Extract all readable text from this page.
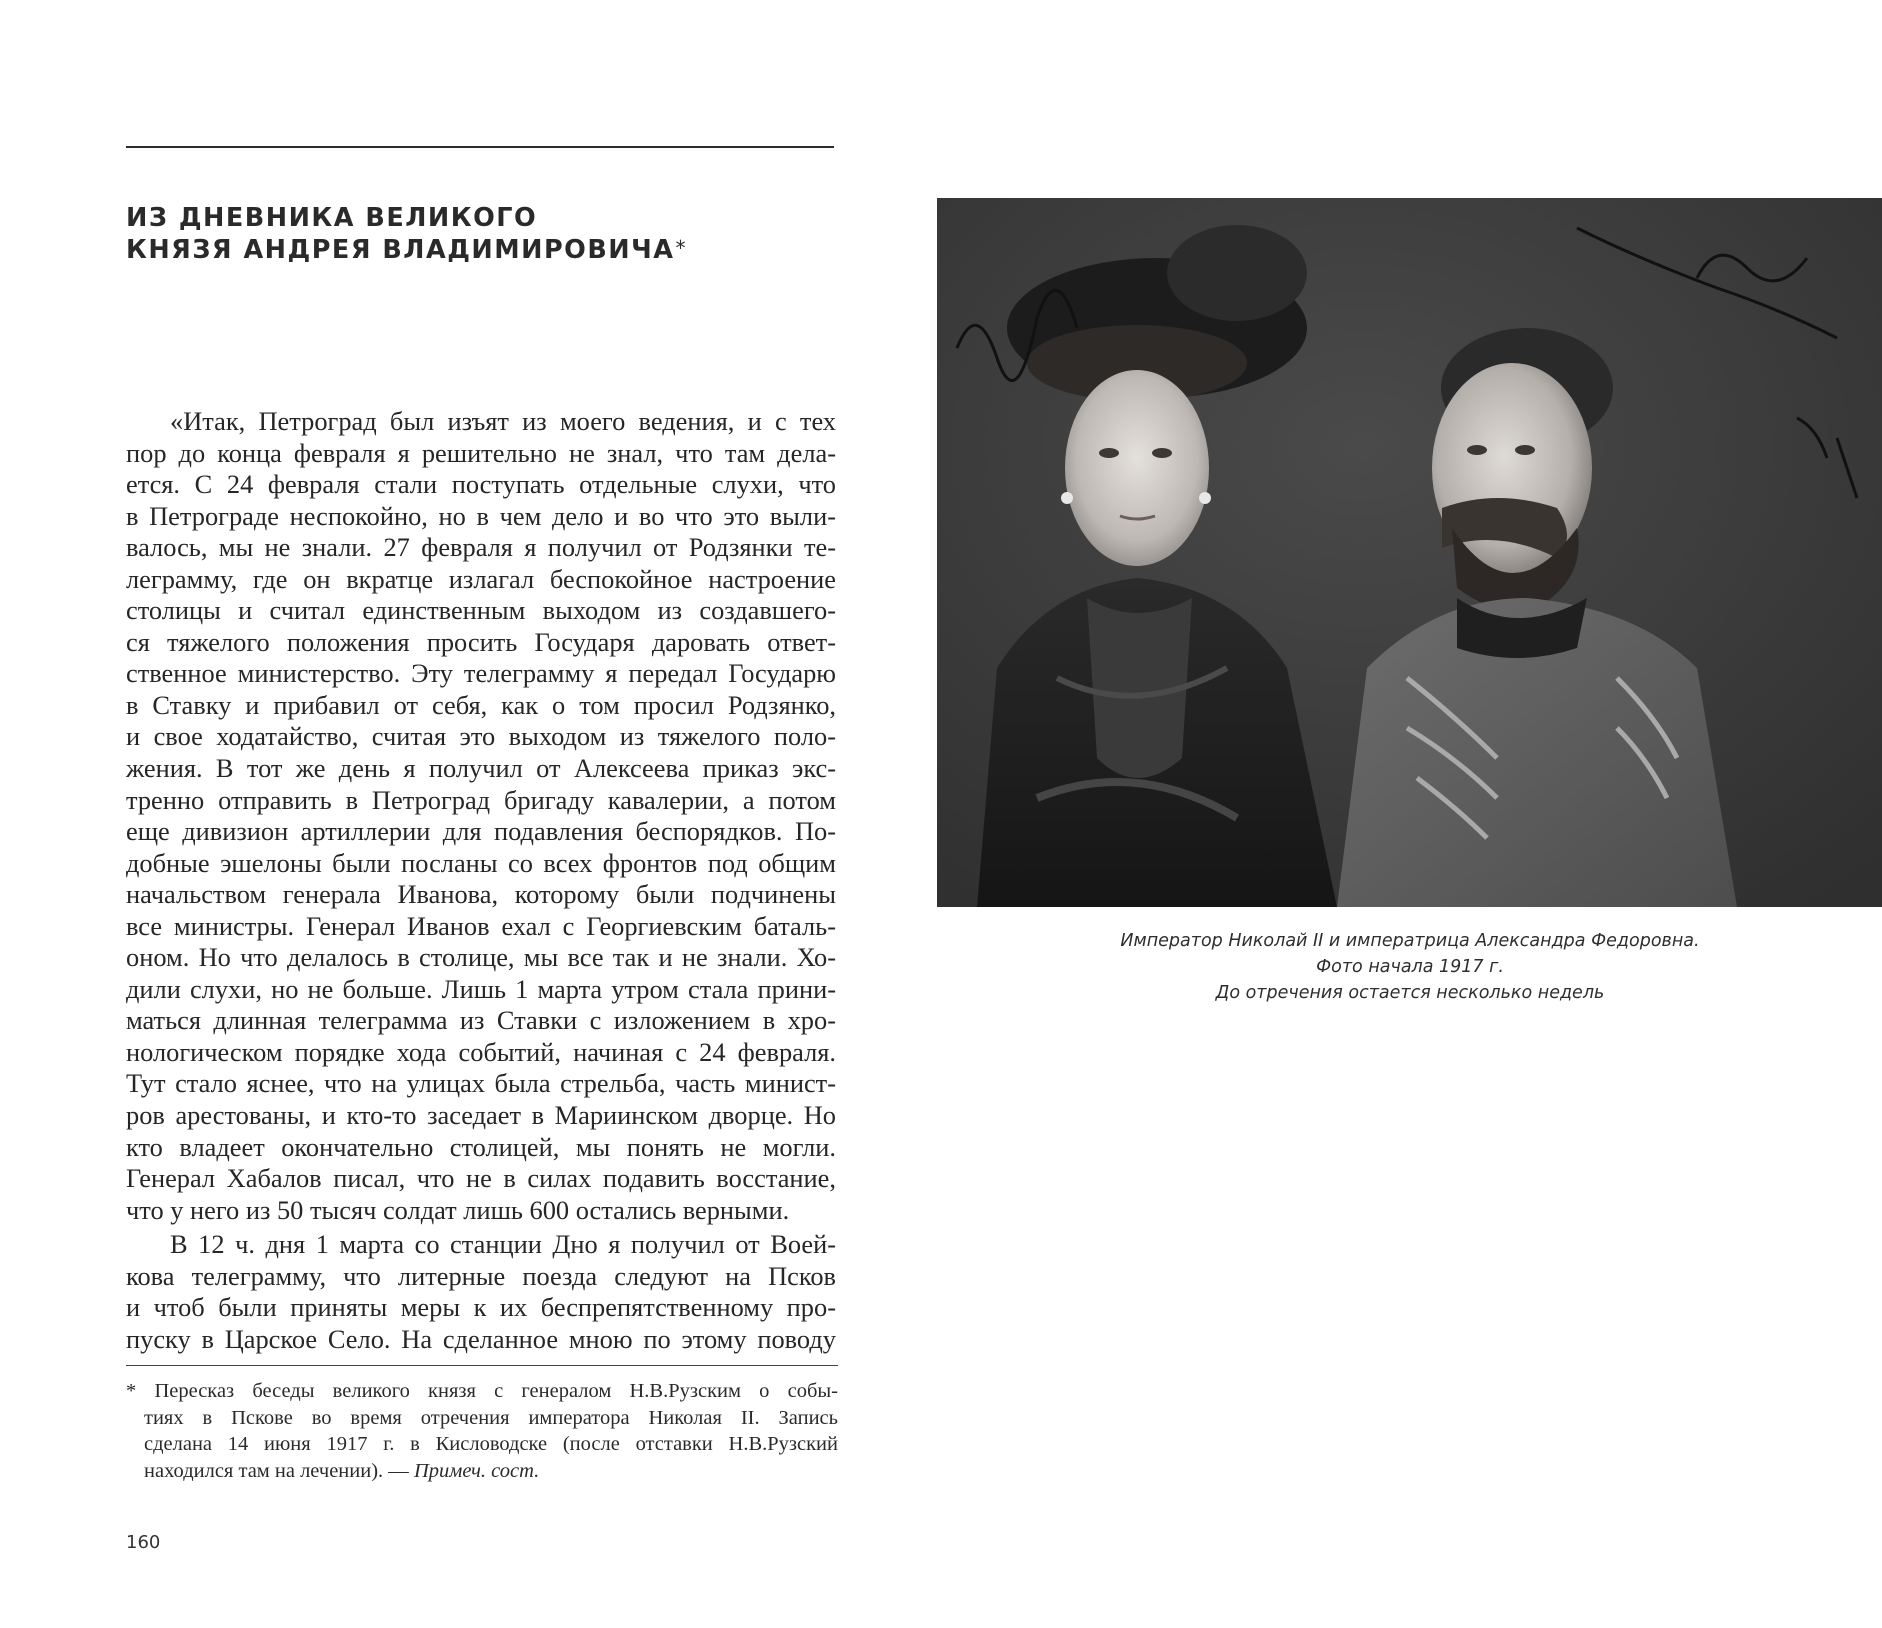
ИЗ ДНЕВНИКА ВЕЛИКОГО
КНЯЗЯ АНДРЕЯ ВЛАДИМИРОВИЧА*

«Итак, Петроград был изъят из моего ведения, и с тех
пор до конца февраля я решительно не знал, что там дела-
ется. С 24 февраля стали поступать отдельные слухи, что
в Петрограде неспокойно, но в чем дело и во что это выли-
валось, мы не знали. 27 февраля я получил от Родзянки те-
леграмму, где он вкратце излагал беспокойное настроение
столицы и считал единственным выходом из создавшего-
ся тяжелого положения просить Государя даровать ответ-
ственное министерство. Эту телеграмму я передал Государю
в Ставку и прибавил от себя, как о том просил Родзянко,
и свое ходатайство, считая это выходом из тяжелого поло-
жения. В тот же день я получил от Алексеева приказ экс-
тренно отправить в Петроград бригаду кавалерии, а потом
еще дивизион артиллерии для подавления беспорядков. По-
добные эшелоны были посланы со всех фронтов под общим
начальством генерала Иванова, которому были подчинены
все министры. Генерал Иванов ехал с Георгиевским баталь-
оном. Но что делалось в столице, мы все так и не знали. Хо-
дили слухи, но не больше. Лишь 1 марта утром стала прини-
маться длинная телеграмма из Ставки с изложением в хро-
нологическом порядке хода событий, начиная с 24 февраля.
Тут стало яснее, что на улицах была стрельба, часть минист-
ров арестованы, и кто-то заседает в Мариинском дворце. Но
кто владеет окончательно столицей, мы понять не могли.
Генерал Хабалов писал, что не в силах подавить восстание,
что у него из 50 тысяч солдат лишь 600 остались верными.

В 12 ч. дня 1 марта со станции Дно я получил от Воей-
кова телеграмму, что литерные поезда следуют на Псков
и чтоб были приняты меры к их беспрепятственному про-
пуску в Царское Село. На сделанное мною по этому поводу

* Пересказ беседы великого князя с генералом Н.В.Рузским о собы-
тиях в Пскове во время отречения императора Николая II. Запись
сделана 14 июня 1917 г. в Кисловодске (после отставки Н.В.Рузский
находился там на лечении). — Примеч. сост.
160
Император Николай II и императрица Александра Федоровна.
Фото начала 1917 г.
До отречения остается несколько недель
